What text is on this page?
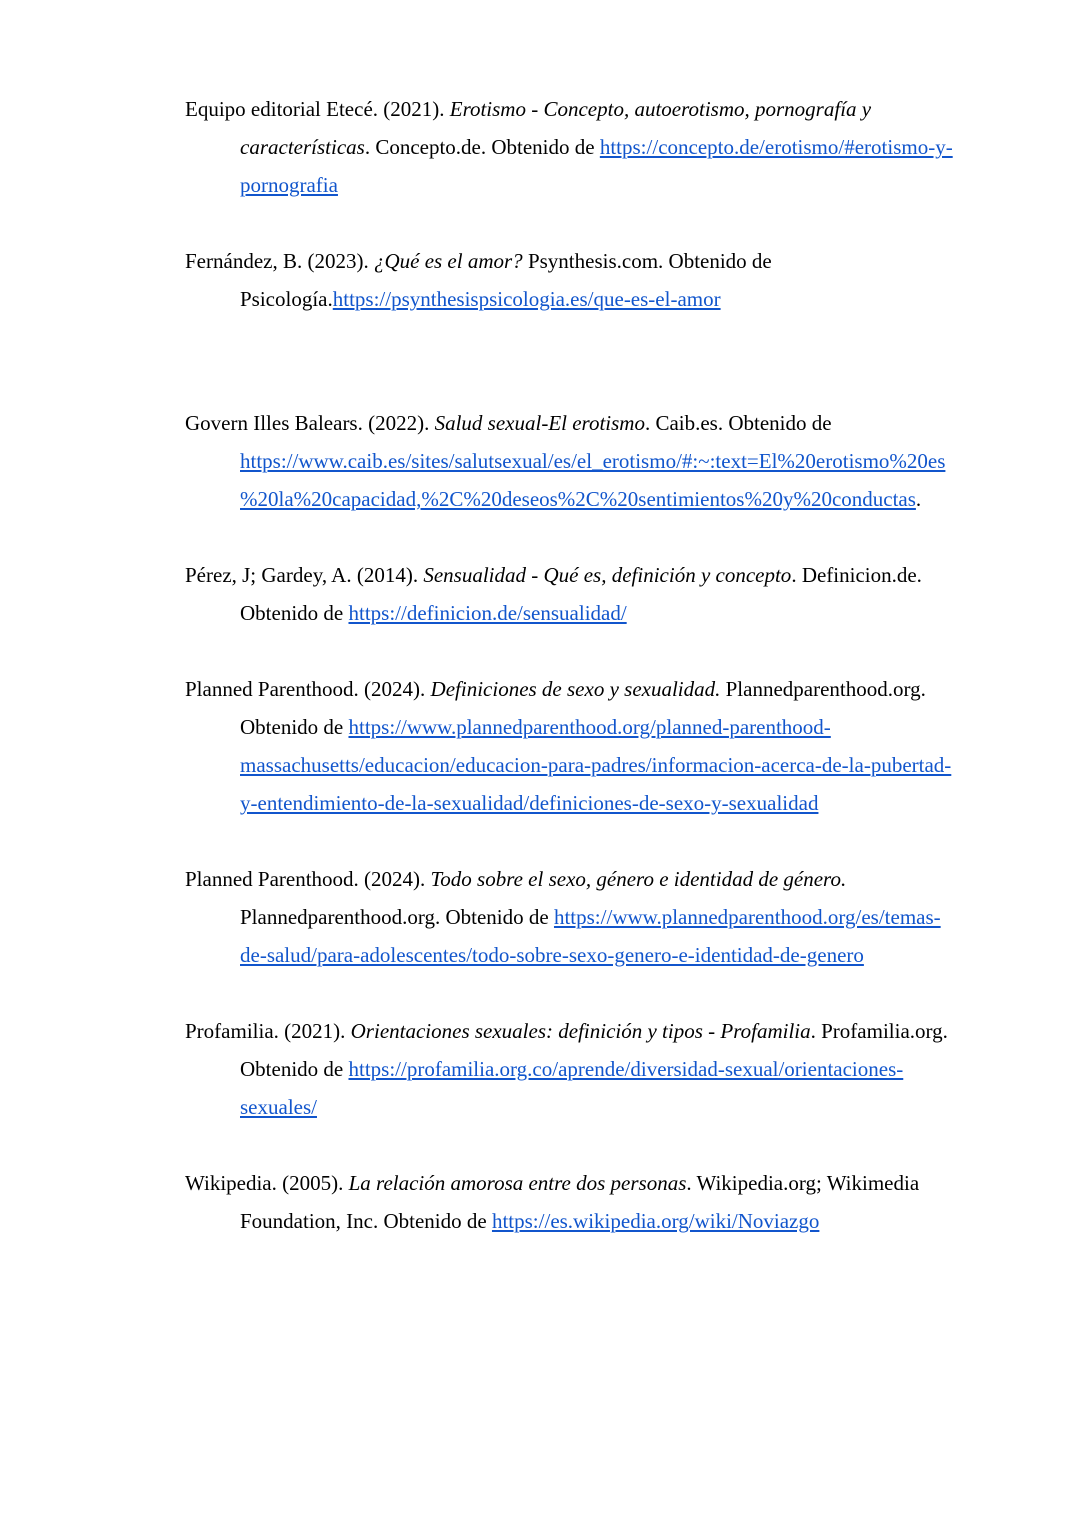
Equipo editorial Etecé. (2021). Erotismo - Concepto, autoerotismo, pornografía y características. Concepto.de. Obtenido de https://concepto.de/erotismo/#erotismo-y-pornografia

Fernández, B. (2023). ¿Qué es el amor? Psynthesis.com. Obtenido de Psicología.https://psynthesispsicologia.es/que-es-el-amor

Govern Illes Balears. (2022). Salud sexual-El erotismo. Caib.es. Obtenido de https://www.caib.es/sites/salutsexual/es/el_erotismo/#:~:text=El%20erotismo%20es%20la%20capacidad,%2C%20deseos%2C%20sentimientos%20y%20conductas.

Pérez, J; Gardey, A. (2014). Sensualidad - Qué es, definición y concepto. Definicion.de. Obtenido de https://definicion.de/sensualidad/

Planned Parenthood. (2024). Definiciones de sexo y sexualidad. Plannedparenthood.org. Obtenido de https://www.plannedparenthood.org/planned-parenthood-massachusetts/educacion/educacion-para-padres/informacion-acerca-de-la-pubertad-y-entendimiento-de-la-sexualidad/definiciones-de-sexo-y-sexualidad

Planned Parenthood. (2024). Todo sobre el sexo, género e identidad de género. Plannedparenthood.org. Obtenido de https://www.plannedparenthood.org/es/temas-de-salud/para-adolescentes/todo-sobre-sexo-genero-e-identidad-de-genero

Profamilia. (2021). Orientaciones sexuales: definición y tipos - Profamilia. Profamilia.org. Obtenido de https://profamilia.org.co/aprende/diversidad-sexual/orientaciones-sexuales/

Wikipedia. (2005). La relación amorosa entre dos personas. Wikipedia.org; Wikimedia Foundation, Inc. Obtenido de https://es.wikipedia.org/wiki/Noviazgo
